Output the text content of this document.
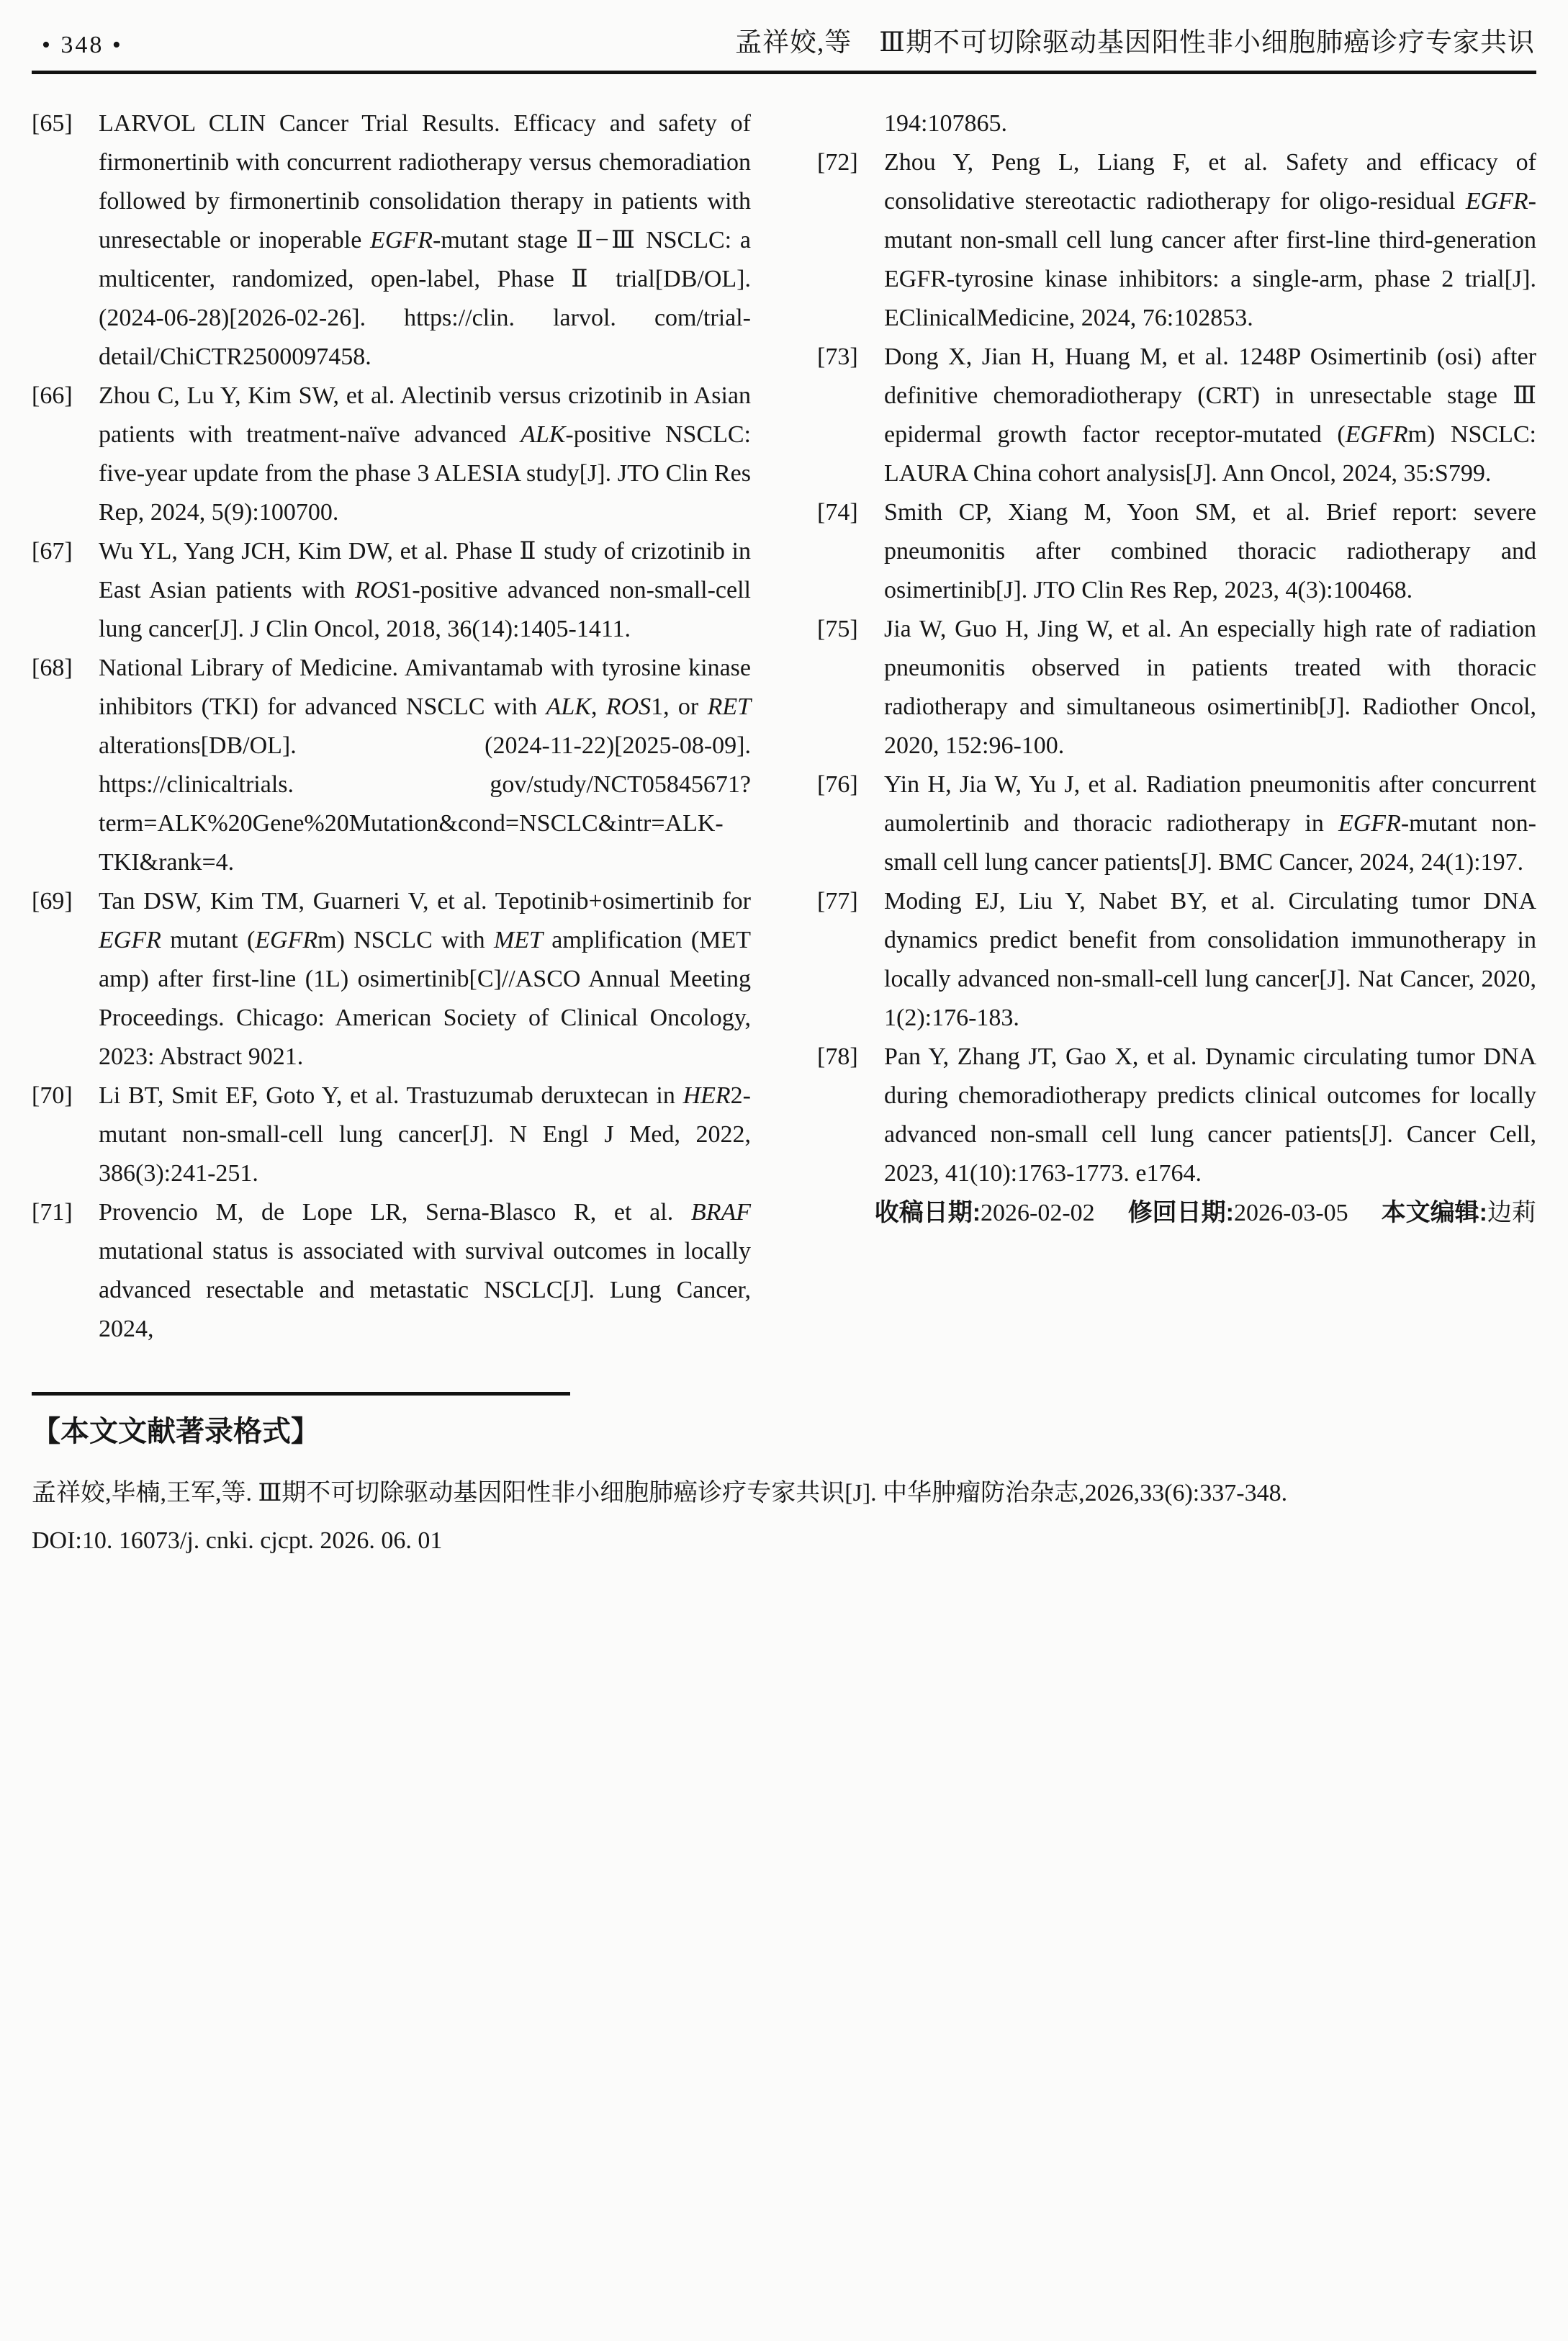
• 348 •	孟祥姣,等　Ⅲ期不可切除驱动基因阳性非小细胞肺癌诊疗专家共识
[65]	LARVOL CLIN Cancer Trial Results. Efficacy and safety of firmonertinib with concurrent radiotherapy versus chemoradiation followed by firmonertinib consolidation therapy in patients with unresectable or inoperable EGFR-mutant stage Ⅱ−Ⅲ NSCLC: a multicenter, randomized, open-label, Phase Ⅱ trial[DB/OL]. (2024-06-28)[2026-02-26]. https://clin. larvol. com/trial-detail/ChiCTR2500097458.
[66]	Zhou C, Lu Y, Kim SW, et al. Alectinib versus crizotinib in Asian patients with treatment-naïve advanced ALK-positive NSCLC: five-year update from the phase 3 ALESIA study[J]. JTO Clin Res Rep, 2024, 5(9):100700.
[67]	Wu YL, Yang JCH, Kim DW, et al. Phase Ⅱ study of crizotinib in East Asian patients with ROS1-positive advanced non-small-cell lung cancer[J]. J Clin Oncol, 2018, 36(14):1405-1411.
[68]	National Library of Medicine. Amivantamab with tyrosine kinase inhibitors (TKI) for advanced NSCLC with ALK, ROS1, or RET alterations[DB/OL]. (2024-11-22)[2025-08-09]. https://clinicaltrials. gov/study/NCT05845671? term=ALK%20Gene%20Mutation&cond=NSCLC&intr=ALK-TKI&rank=4.
[69]	Tan DSW, Kim TM, Guarneri V, et al. Tepotinib+osimertinib for EGFR mutant (EGFRm) NSCLC with MET amplification (MET amp) after first-line (1L) osimertinib[C]//ASCO Annual Meeting Proceedings. Chicago: American Society of Clinical Oncology, 2023: Abstract 9021.
[70]	Li BT, Smit EF, Goto Y, et al. Trastuzumab deruxtecan in HER2-mutant non-small-cell lung cancer[J]. N Engl J Med, 2022, 386(3):241-251.
[71]	Provencio M, de Lope LR, Serna-Blasco R, et al. BRAF mutational status is associated with survival outcomes in locally advanced resectable and metastatic NSCLC[J]. Lung Cancer, 2024,
194:107865.
[72]	Zhou Y, Peng L, Liang F, et al. Safety and efficacy of consolidative stereotactic radiotherapy for oligo-residual EGFR-mutant non-small cell lung cancer after first-line third-generation EGFR-tyrosine kinase inhibitors: a single-arm, phase 2 trial[J]. EClinicalMedicine, 2024, 76:102853.
[73]	Dong X, Jian H, Huang M, et al. 1248P Osimertinib (osi) after definitive chemoradiotherapy (CRT) in unresectable stage Ⅲ epidermal growth factor receptor-mutated (EGFRm) NSCLC: LAURA China cohort analysis[J]. Ann Oncol, 2024, 35:S799.
[74]	Smith CP, Xiang M, Yoon SM, et al. Brief report: severe pneumonitis after combined thoracic radiotherapy and osimertinib[J]. JTO Clin Res Rep, 2023, 4(3):100468.
[75]	Jia W, Guo H, Jing W, et al. An especially high rate of radiation pneumonitis observed in patients treated with thoracic radiotherapy and simultaneous osimertinib[J]. Radiother Oncol, 2020, 152:96-100.
[76]	Yin H, Jia W, Yu J, et al. Radiation pneumonitis after concurrent aumolertinib and thoracic radiotherapy in EGFR-mutant non-small cell lung cancer patients[J]. BMC Cancer, 2024, 24(1):197.
[77]	Moding EJ, Liu Y, Nabet BY, et al. Circulating tumor DNA dynamics predict benefit from consolidation immunotherapy in locally advanced non-small-cell lung cancer[J]. Nat Cancer, 2020, 1(2):176-183.
[78]	Pan Y, Zhang JT, Gao X, et al. Dynamic circulating tumor DNA during chemoradiotherapy predicts clinical outcomes for locally advanced non-small cell lung cancer patients[J]. Cancer Cell, 2023, 41(10):1763-1773. e1764.
收稿日期:2026-02-02 修回日期:2026-03-05 本文编辑:边莉
【本文文献著录格式】

孟祥姣,毕楠,王军,等. Ⅲ期不可切除驱动基因阳性非小细胞肺癌诊疗专家共识[J]. 中华肿瘤防治杂志,2026,33(6):337-348.

DOI:10. 16073/j. cnki. cjcpt. 2026. 06. 01
